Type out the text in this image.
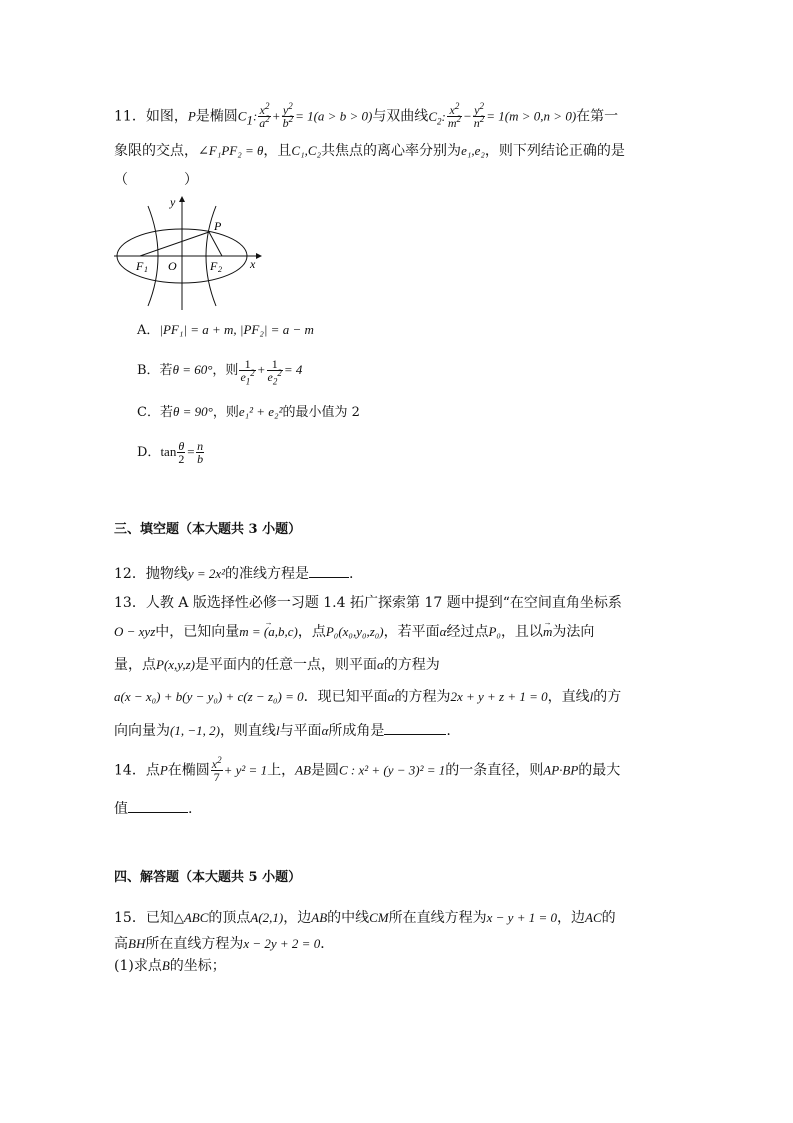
11．如图，P是椭圆$C_1$: $\frac{x^2}{a^2} + \frac{y^2}{b^2} = 1(a > b > 0)$与双曲线$C_2$: $\frac{x^2}{m^2} - \frac{y^2}{n^2} = 1(m > 0,n > 0)$在第一
象限的交点，∠F₁PF₂ = θ，且C₁,C₂共焦点的离心率分别为e₁,e₂，则下列结论正确的是
（　　　　）
y
x
P
O
F 1	F 2
A．|PF₁| = a + m, |PF₂| = a − m
B．若θ = 60°，则 $\frac{1}{e_1^2} + \frac{1}{e_2^2} = 4$
C．若θ = 90°，则e₁² + e₂²的最小值为 2
D．$\tan \frac{\theta}{2} = \frac{n}{b}$
三、填空题（本大题共 3 小题）
12．抛物线y = 2x²的准线方程是	.
13．人教 A 版选择性必修一习题 1.4 拓广探索第 17 题中提到“在空间直角坐标系
O − xyz中，已知向量→ m = (a,b,c)，点P₀(x₀,y₀,z₀)，若平面α经过点P₀，且以→ m为法向
量，点P(x,y,z)是平面内的任意一点，则平面α的方程为
a(x − x₀) + b(y − y₀) + c(z − z₀) = 0．现已知平面α的方程为2x + y + z + 1 = 0，直线l的方
向向量为(1, −1, 2)，则直线l与平面α所成角是	.
14．点P在椭圆 $\frac{x^2}{7} + y^2 = 1$上，AB是圆C : x² + (y − 3)² = 1的一条直径，则AP·BP的最大
值	.
四、解答题（本大题共 5 小题）
15．已知△ABC的顶点A(2,1)，边AB的中线CM所在直线方程为x − y + 1 = 0，边AC的
高BH所在直线方程为x − 2y + 2 = 0．
(1)求点B的坐标；
